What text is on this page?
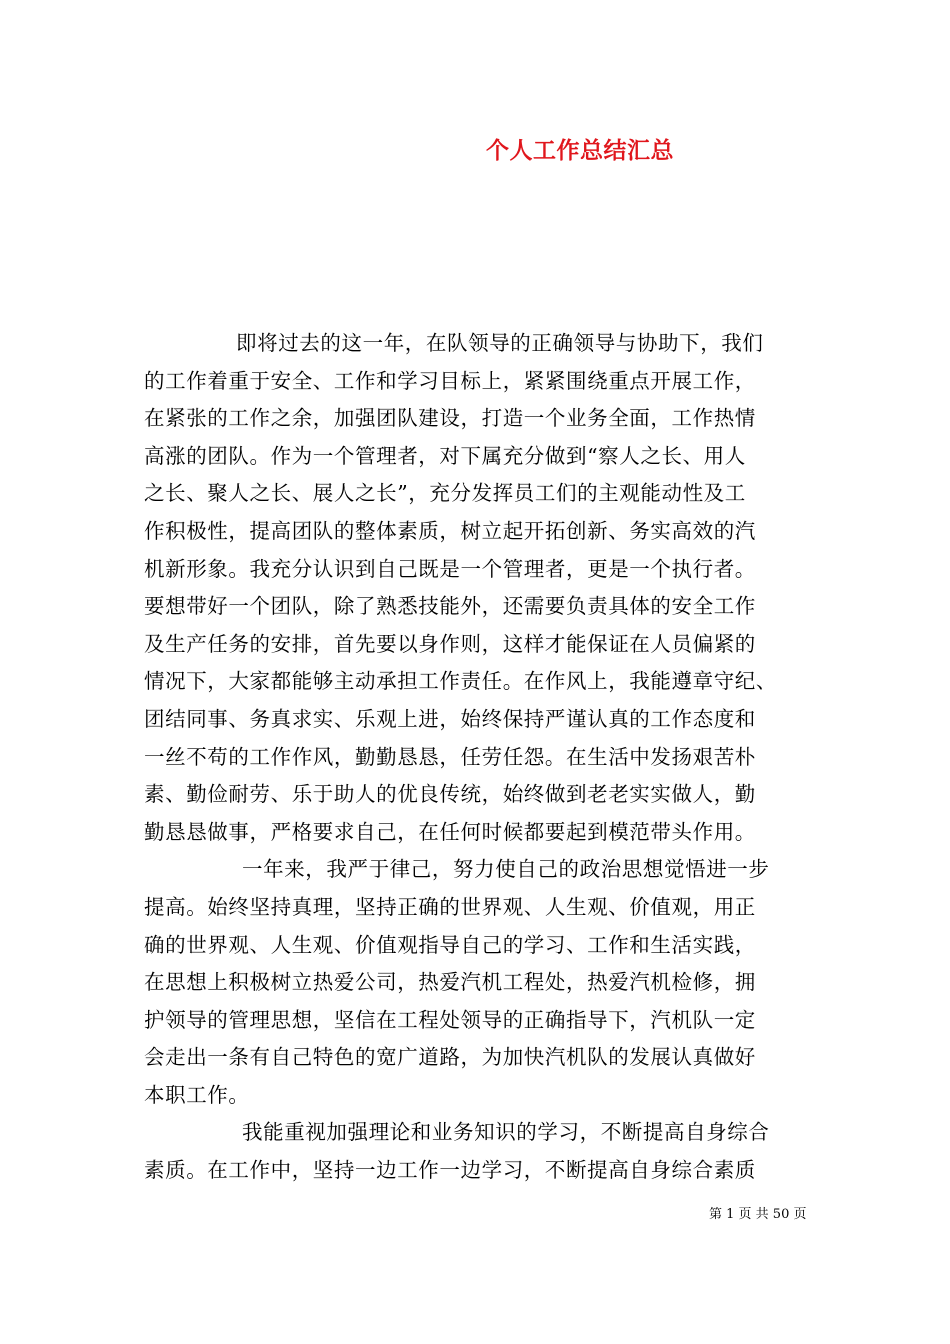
个人工作总结汇总
即将过去的这一年，在队领导的正确领导与协助下，我们
的工作着重于安全、工作和学习目标上，紧紧围绕重点开展工作，
在紧张的工作之余，加强团队建设，打造一个业务全面，工作热情
高涨的团队。作为一个管理者，对下属充分做到“察人之长、用人
之长、聚人之长、展人之长”，充分发挥员工们的主观能动性及工
作积极性，提高团队的整体素质，树立起开拓创新、务实高效的汽
机新形象。我充分认识到自己既是一个管理者，更是一个执行者。
要想带好一个团队，除了熟悉技能外，还需要负责具体的安全工作
及生产任务的安排，首先要以身作则，这样才能保证在人员偏紧的
情况下，大家都能够主动承担工作责任。在作风上，我能遵章守纪、
团结同事、务真求实、乐观上进，始终保持严谨认真的工作态度和
一丝不苟的工作作风，勤勤恳恳，任劳任怨。在生活中发扬艰苦朴
素、勤俭耐劳、乐于助人的优良传统，始终做到老老实实做人，勤
勤恳恳做事，严格要求自己，在任何时候都要起到模范带头作用。
一年来，我严于律己，努力使自己的政治思想觉悟进一步
提高。始终坚持真理，坚持正确的世界观、人生观、价值观，用正
确的世界观、人生观、价值观指导自己的学习、工作和生活实践，
在思想上积极树立热爱公司，热爱汽机工程处，热爱汽机检修，拥
护领导的管理思想，坚信在工程处领导的正确指导下，汽机队一定
会走出一条有自己特色的宽广道路，为加快汽机队的发展认真做好
本职工作。
我能重视加强理论和业务知识的学习，不断提高自身综合
素质。在工作中，坚持一边工作一边学习，不断提高自身综合素质
第 1 页 共 50 页
